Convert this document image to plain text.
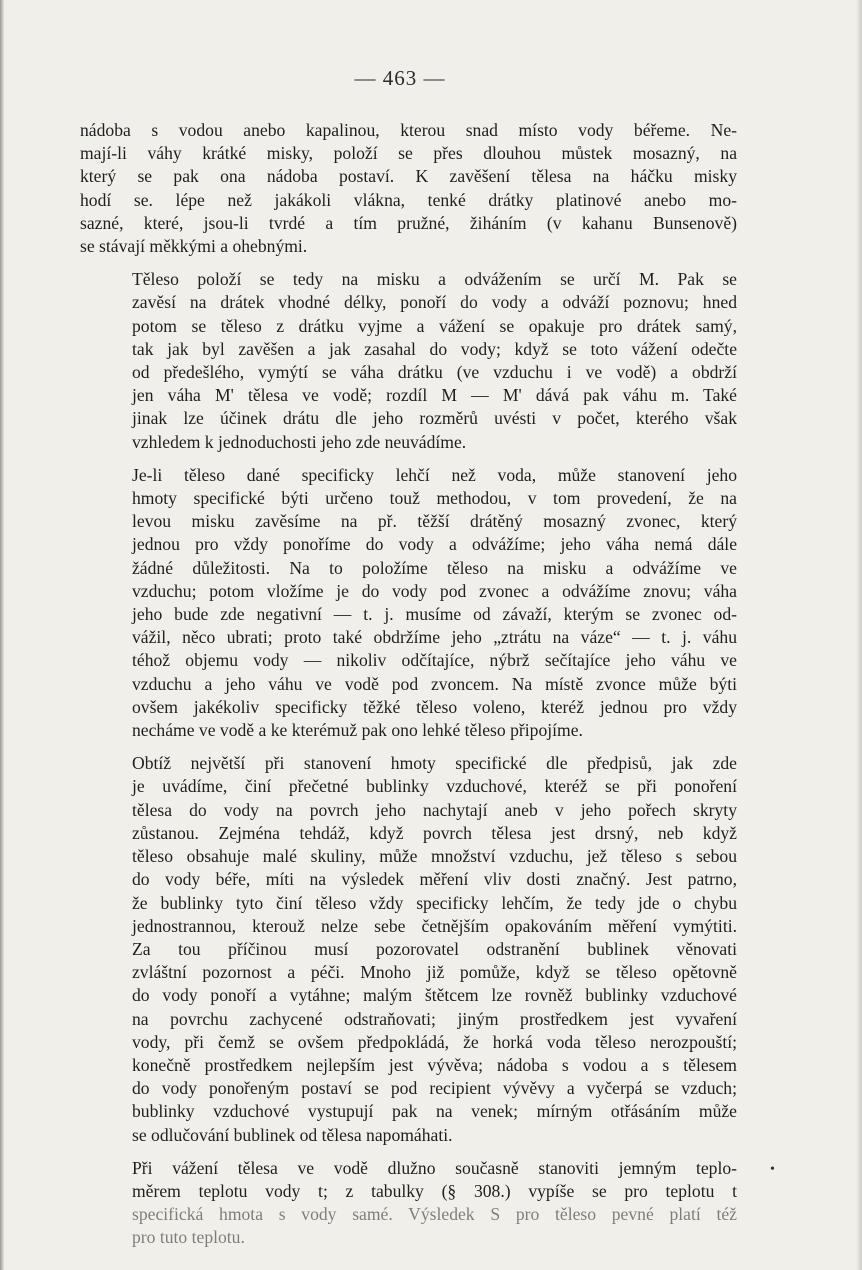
— 463 —

nádoba s vodou anebo kapalinou, kterou snad místo vody béřeme. Ne-
mají-li váhy krátké misky, položí se přes dlouhou můstek mosazný, na
který se pak ona nádoba postaví. K zavěšení tělesa na háčku misky
hodí se. lépe než jakákoli vlákna, tenké drátky platinové anebo mo-
sazné, které, jsou-li tvrdé a tím pružné, žiháním (v kahanu Bunsenově)
se stávají měkkými a ohebnými.

Těleso položí se tedy na misku a odvážením se určí M. Pak se
zavěsí na drátek vhodné délky, ponoří do vody a odváží poznovu; hned
potom se těleso z drátku vyjme a vážení se opakuje pro drátek samý,
tak jak byl zavěšen a jak zasahal do vody; když se toto vážení odečte
od předešlého, vymýtí se váha drátku (ve vzduchu i ve vodě) a obdrží
jen váha M' tělesa ve vodě; rozdíl M — M' dává pak váhu m. Také
jinak lze účinek drátu dle jeho rozměrů uvésti v počet, kterého však
vzhledem k jednoduchosti jeho zde neuvádíme.

Je-li těleso dané specificky lehčí než voda, může stanovení jeho
hmoty specifické býti určeno touž methodou, v tom provedení, že na
levou misku zavěsíme na př. těžší drátěný mosazný zvonec, který
jednou pro vždy ponoříme do vody a odvážíme; jeho váha nemá dále
žádné důležitosti. Na to položíme těleso na misku a odvážíme ve
vzduchu; potom vložíme je do vody pod zvonec a odvážíme znovu; váha
jeho bude zde negativní — t. j. musíme od závaží, kterým se zvonec od-
vážil, něco ubrati; proto také obdržíme jeho „ztrátu na váze“ — t. j. váhu
téhož objemu vody — nikoliv odčítajíce, nýbrž sečítajíce jeho váhu ve
vzduchu a jeho váhu ve vodě pod zvoncem. Na místě zvonce může býti
ovšem jakékoliv specificky těžké těleso voleno, kteréž jednou pro vždy
necháme ve vodě a ke kterémuž pak ono lehké těleso připojíme.

Obtíž největší při stanovení hmoty specifické dle předpisů, jak zde
je uvádíme, činí přečetné bublinky vzduchové, kteréž se při ponoření
tělesa do vody na povrch jeho nachytají aneb v jeho pořech skryty
zůstanou. Zejména tehdáž, když povrch tělesa jest drsný, neb když
těleso obsahuje malé skuliny, může množství vzduchu, jež těleso s sebou
do vody béře, míti na výsledek měření vliv dosti značný. Jest patrno,
že bublinky tyto činí těleso vždy specificky lehčím, že tedy jde o chybu
jednostrannou, kterouž nelze sebe četnějším opakováním měření vymýtiti.
Za tou příčinou musí pozorovatel odstranění bublinek věnovati
zvláštní pozornost a péči. Mnoho již pomůže, když se těleso opětovně
do vody ponoří a vytáhne; malým štětcem lze rovněž bublinky vzduchové
na povrchu zachycené odstraňovati; jiným prostředkem jest vyvaření
vody, při čemž se ovšem předpokládá, že horká voda těleso nerozpouští;
konečně prostředkem nejlepším jest vývěva; nádoba s vodou a s tělesem
do vody ponořeným postaví se pod recipient vývěvy a vyčerpá se vzduch;
bublinky vzduchové vystupují pak na venek; mírným otřásáním může
se odlučování bublinek od tělesa napomáhati.

Při vážení tělesa ve vodě dlužno současně stanoviti jemným teplo-
měrem teplotu vody t; z tabulky (§ 308.) vypíše se pro teplotu t
specifická hmota s vody samé. Výsledek S pro těleso pevné platí též
pro tuto teplotu.

•
